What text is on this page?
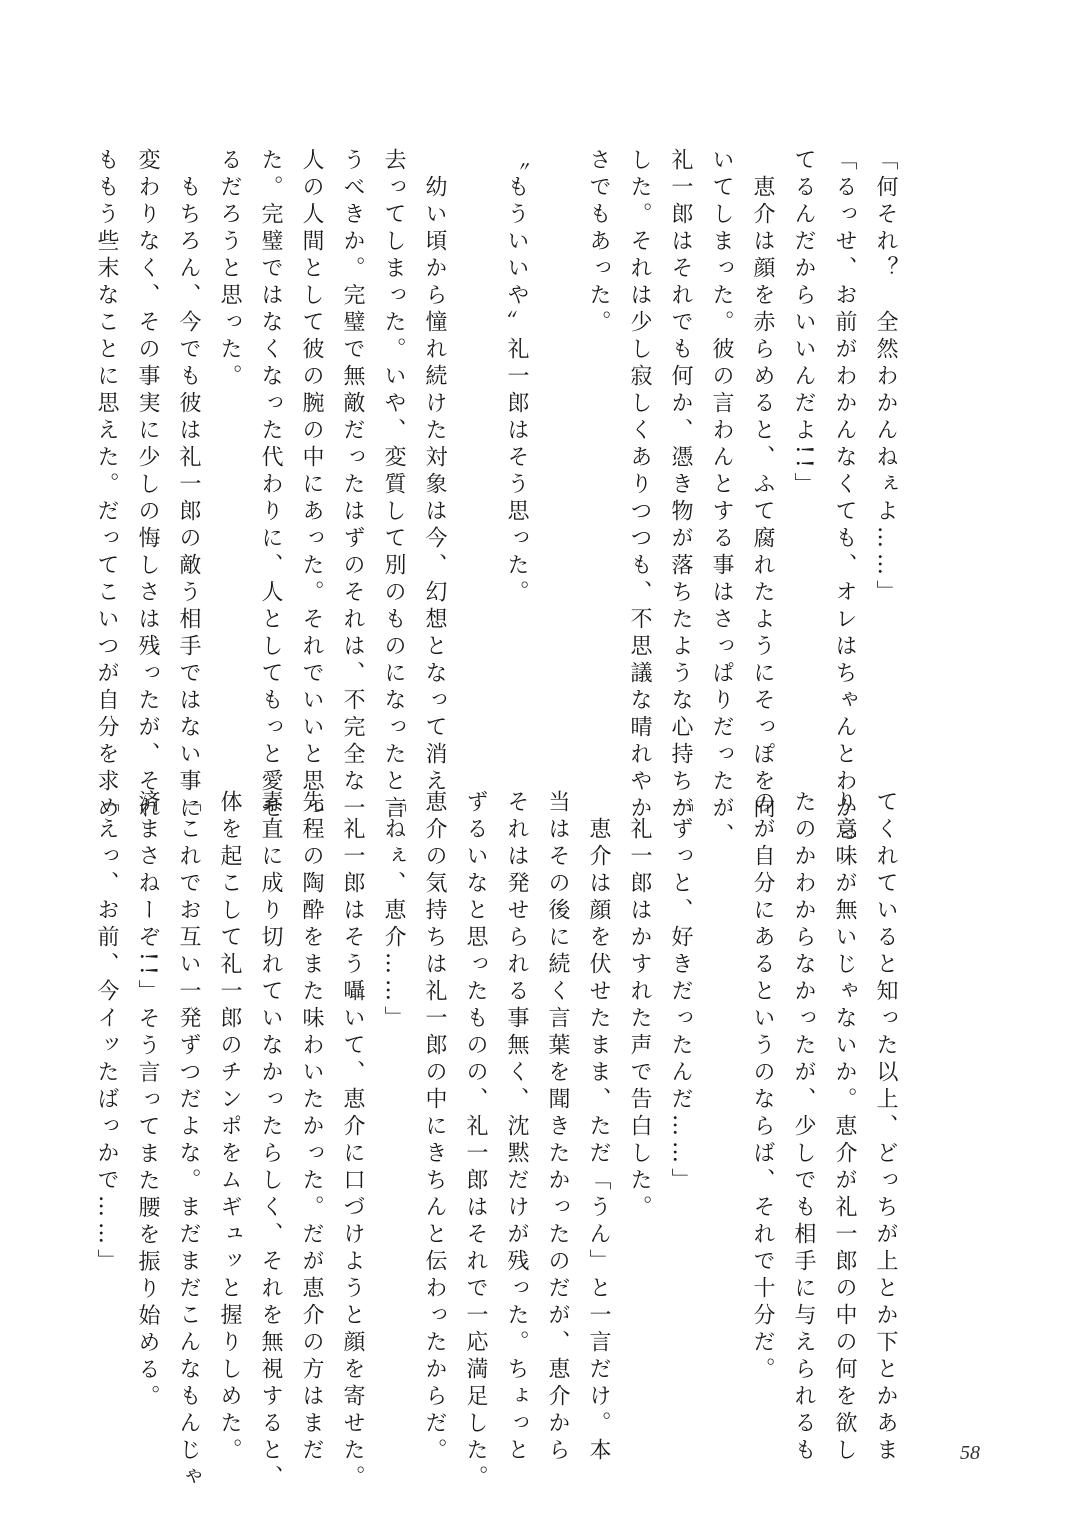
「何それ？　全然わかんねぇよ……」
「るっせ、お前がわかんなくても、オレはちゃんとわかっ
てるんだからいいんだよ!!」
　恵介は顔を赤らめると、ふて腐れたようにそっぽを向
いてしまった。彼の言わんとする事はさっぱりだったが、
礼一郎はそれでも何か、憑き物が落ちたような心持ちが
した。それは少し寂しくありつつも、不思議な晴れやか
さでもあった。

〝もういいや〟礼一郎はそう思った。

　幼い頃から憧れ続けた対象は今、幻想となって消え
去ってしまった。いや、変質して別のものになったと言
うべきか。完璧で無敵だったはずのそれは、不完全な一
人の人間として彼の腕の中にあった。それでいいと思っ
た。完璧ではなくなった代わりに、人としてもっと愛せ
るだろうと思った。
　もちろん、今でも彼は礼一郎の敵う相手ではない事に
変わりなく、その事実に少しの悔しさは残ったが、それ
ももう些末なことに思えた。だってこいつが自分を求め
てくれていると知った以上、どっちが上とか下とかあま
り意味が無いじゃないか。恵介が礼一郎の中の何を欲し
たのかわからなかったが、少しでも相手に与えられるも
のが自分にあるというのならば、それで十分だ。

「ずっと、好きだったんだ……」
　礼一郎はかすれた声で告白した。
　恵介は顔を伏せたまま、ただ「うん」と一言だけ。本
当はその後に続く言葉を聞きたかったのだが、恵介から
それは発せられる事無く、沈黙だけが残った。ちょっと
ずるいなと思ったものの、礼一郎はそれで一応満足した。
恵介の気持ちは礼一郎の中にきちんと伝わったからだ。
「ねぇ、恵介……」
　礼一郎はそう囁いて、恵介に口づけようと顔を寄せた。
先程の陶酔をまた味わいたかった。だが恵介の方はまだ
素直に成り切れていなかったらしく、それを無視すると、
体を起こして礼一郎のチンポをムギュッと握りしめた。
「これでお互い一発ずつだよな。まだまだこんなもんじゃ
済まさねーぞ!!」そう言ってまた腰を振り始める。
「えっ、お前、今イッたばっかで……」
58
